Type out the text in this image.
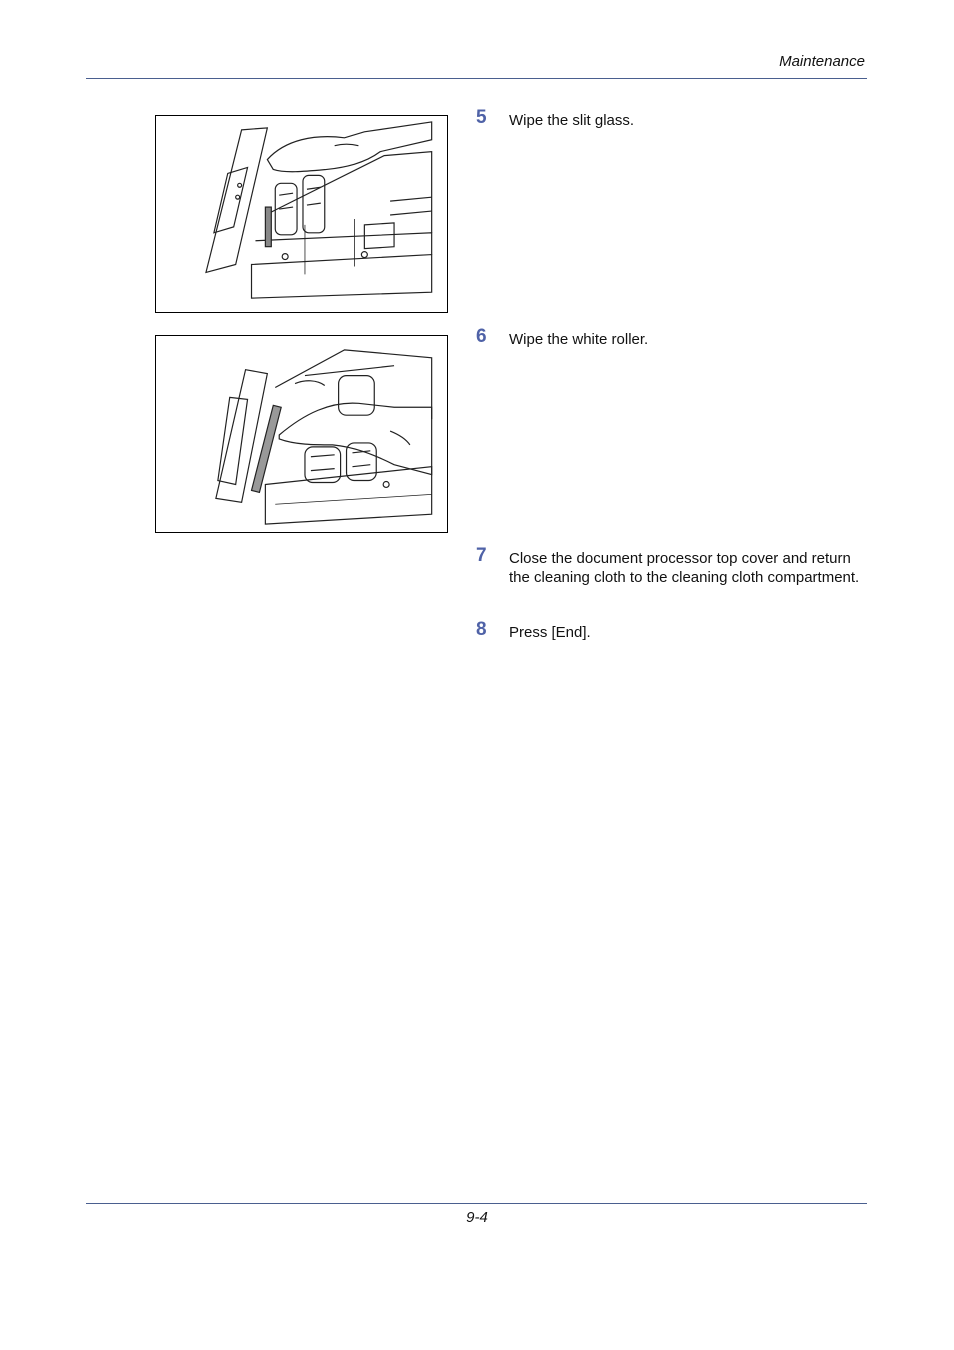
Maintenance
5 Wipe the slit glass.
6 Wipe the white roller.
7 Close the document processor top cover and return the cleaning cloth to the cleaning cloth compartment.
8 Press [End].
9-4
